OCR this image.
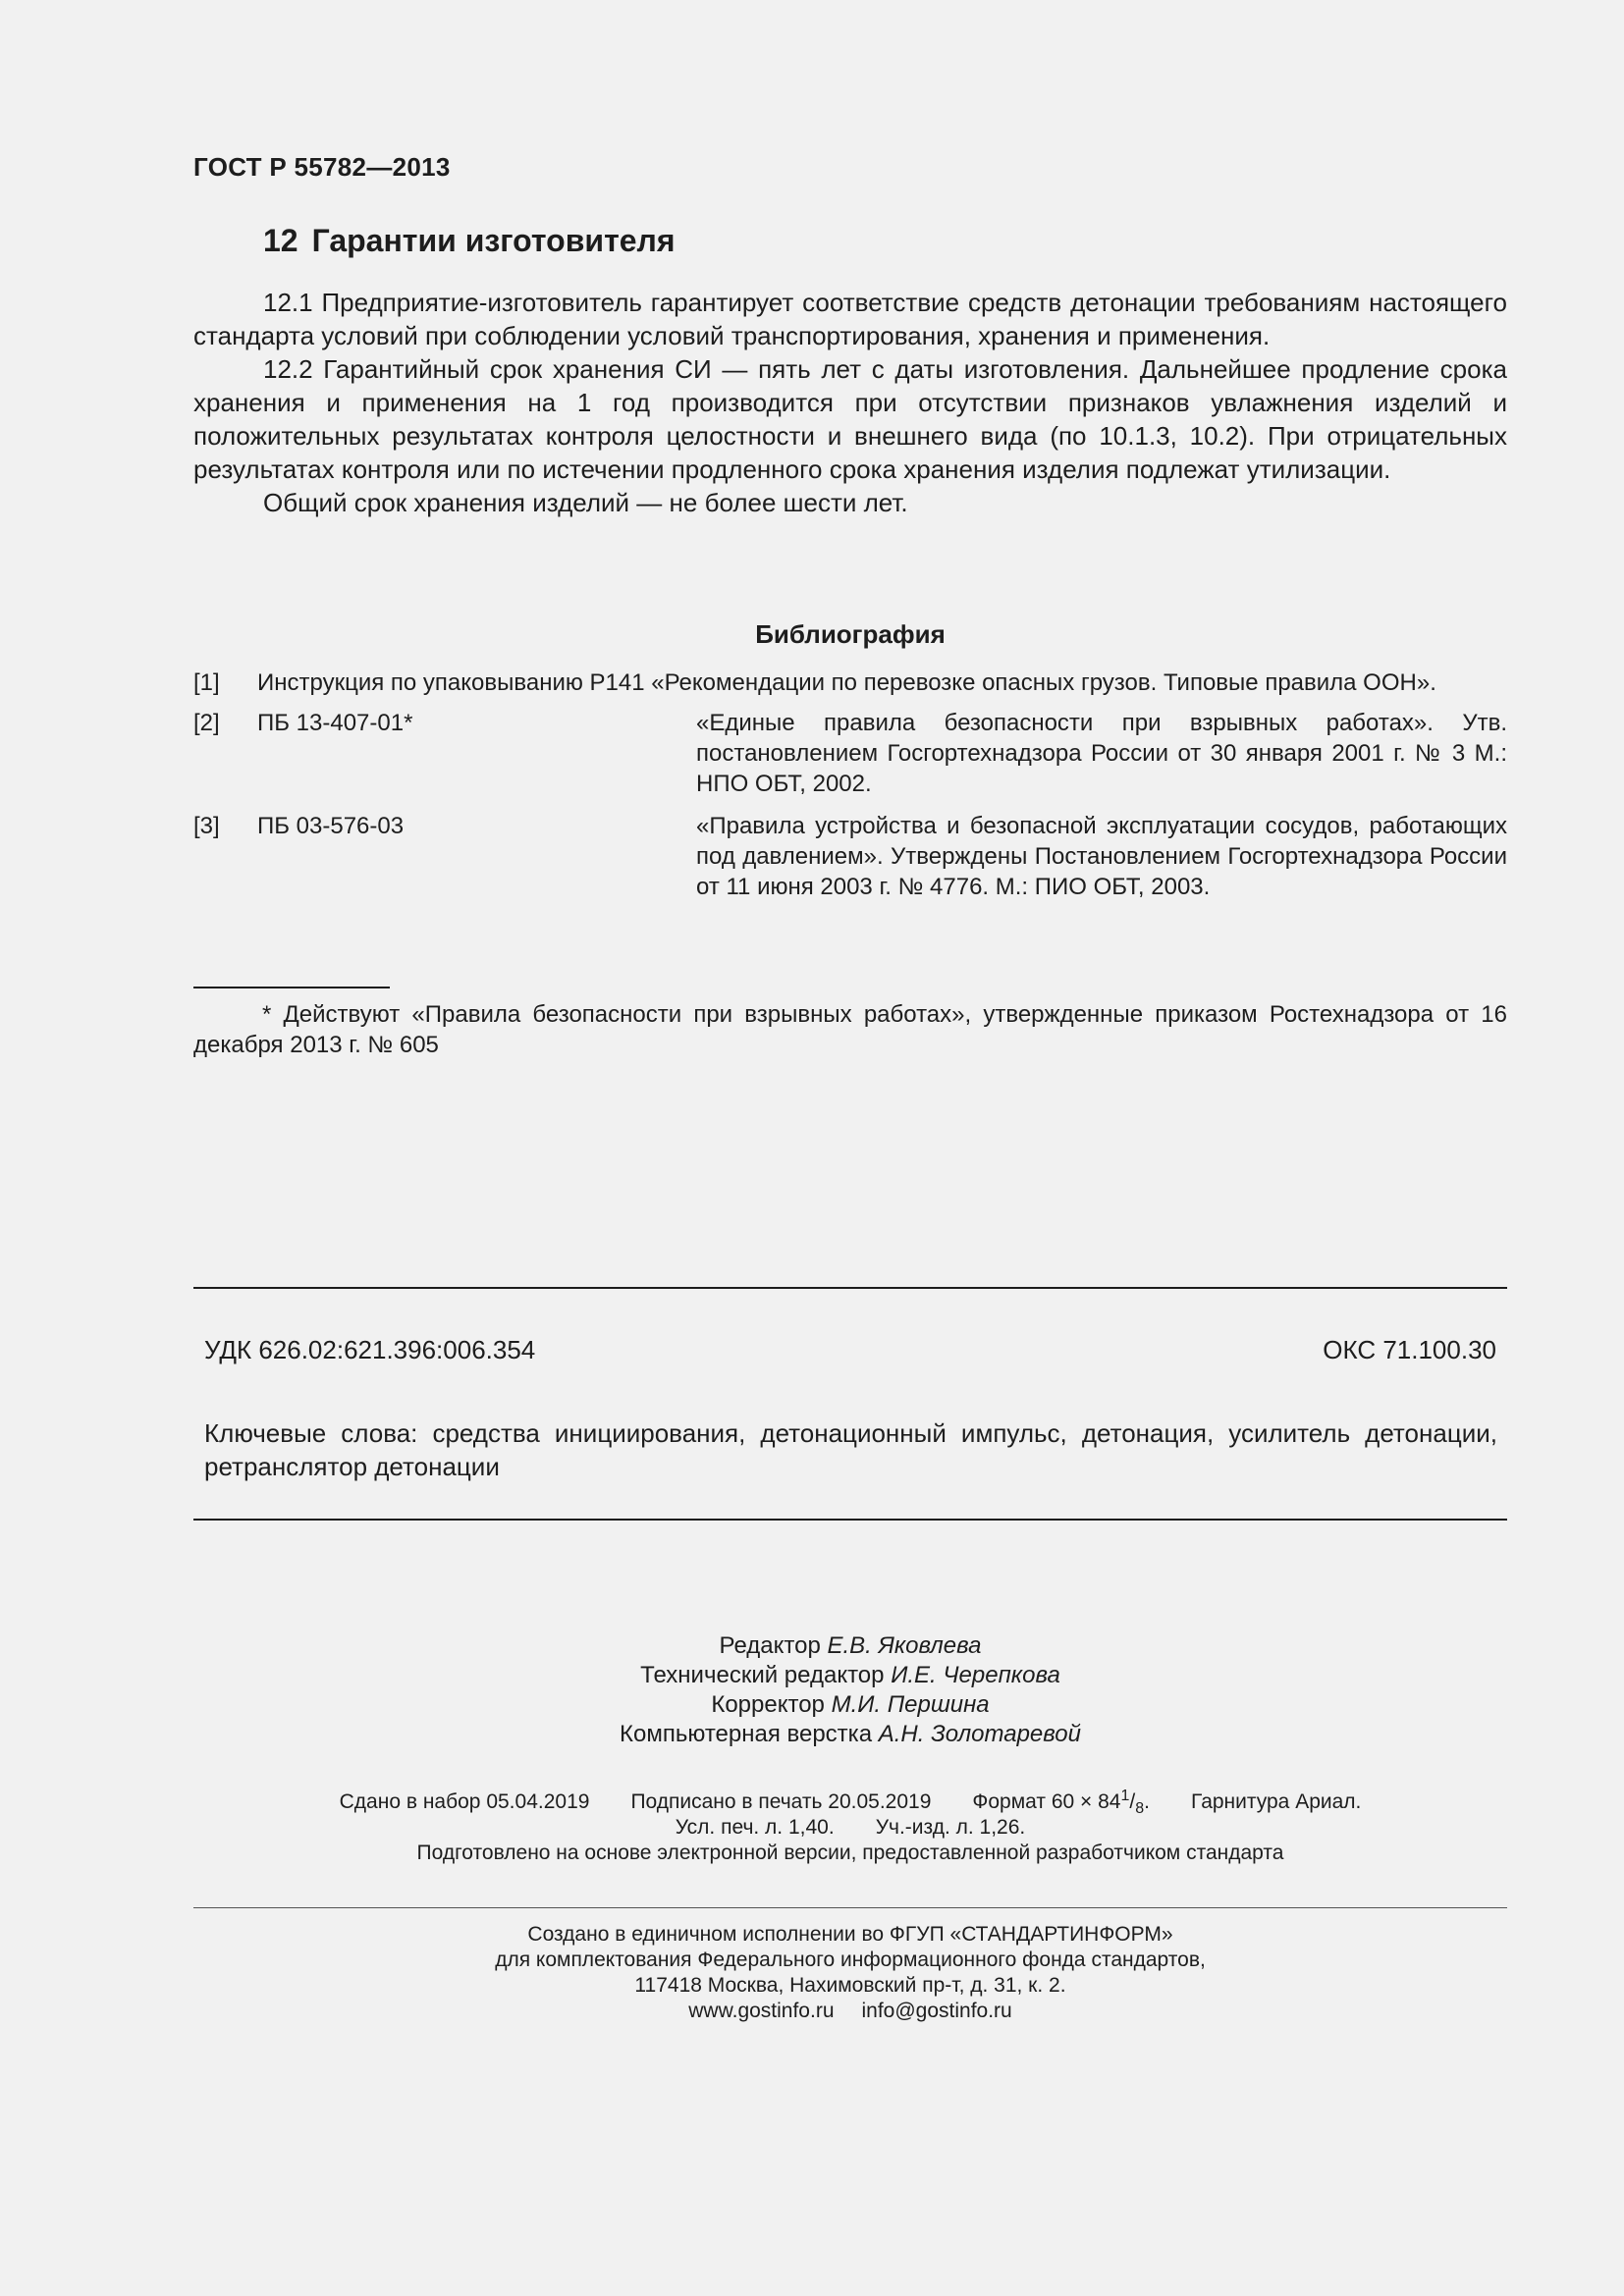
ГОСТ Р 55782—2013
12 Гарантии изготовителя

12.1 Предприятие-изготовитель гарантирует соответствие средств детонации требованиям настоящего стандарта условий при соблюдении условий транспортирования, хранения и применения.

12.2 Гарантийный срок хранения СИ — пять лет с даты изготовления. Дальнейшее продление срока хранения и применения на 1 год производится при отсутствии признаков увлажнения изделий и положительных результатах контроля целостности и внешнего вида (по 10.1.3, 10.2). При отрицательных результатах контроля или по истечении продленного срока хранения изделия подлежат утилизации.

Общий срок хранения изделий — не более шести лет.

Библиография
[1] Инструкция по упаковыванию Р141 «Рекомендации по перевозке опасных грузов. Типовые правила ООН».
[2] ПБ 13-407-01*	«Единые правила безопасности при взрывных работах». Утв. постановлением Госгортехнадзора России от 30 января 2001 г. № 3 М.: НПО ОБТ, 2002.
[3] ПБ 03-576-03	«Правила устройства и безопасной эксплуатации сосудов, работающих под давлением». Утверждены Постановлением Госгортехнадзора России от 11 июня 2003 г. № 4776. М.: ПИО ОБТ, 2003.
* Действуют «Правила безопасности при взрывных работах», утвержденные приказом Ростехнадзора от 16 декабря 2013 г. № 605
УДК 626.02:621.396:006.354	ОКС 71.100.30
Ключевые слова: средства инициирования, детонационный импульс, детонация, усилитель детонации, ретранслятор детонации
Редактор Е.В. Яковлева
Технический редактор И.Е. Черепкова
Корректор М.И. Першина
Компьютерная верстка А.Н. Золотаревой
Сдано в набор 05.04.2019 Подписано в печать 20.05.2019 Формат $60 \times 84^1/_8$. Гарнитура Ариал.
Усл. печ. л. 1,40. Уч.-изд. л. 1,26.
Подготовлено на основе электронной версии, предоставленной разработчиком стандарта
Создано в единичном исполнении во ФГУП «СТАНДАРТИНФОРМ»
для комплектования Федерального информационного фонда стандартов,
117418 Москва, Нахимовский пр-т, д. 31, к. 2.
www.gostinfo.ru info@gostinfo.ru
